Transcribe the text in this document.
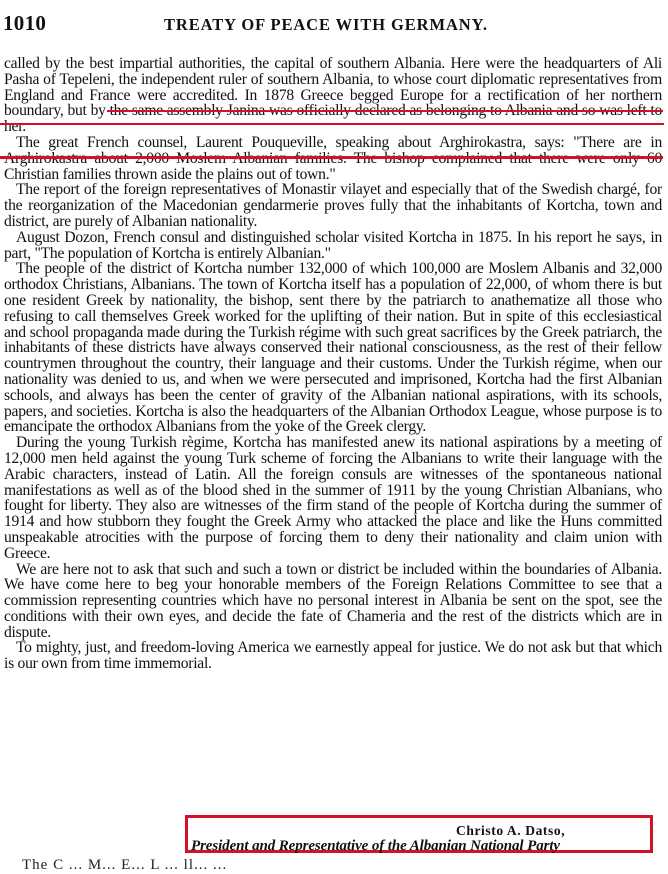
1010	TREATY OF PEACE WITH GERMANY.

called by the best impartial authorities, the capital of southern Albania. Here were the headquarters of Ali Pasha of Tepeleni, the independent ruler of southern Albania, to whose court diplomatic representatives from England and France were accredited. In 1878 Greece begged Europe for a rectification of her northern boundary, but by the same assembly Janina was officially declared as belonging to Albania and so was left to her.

The great French counsel, Laurent Pouqueville, speaking about Arghirokastra, says: "There are in Arghirokastra about 2,000 Moslem Albanian families. The bishop complained that there were only 60 Christian families thrown aside the plains out of town."

The report of the foreign representatives of Monastir vilayet and especially that of the Swedish chargé, for the reorganization of the Macedonian gendarmerie proves fully that the inhabitants of Kortcha, town and district, are purely of Albanian nationality.

August Dozon, French consul and distinguished scholar visited Kortcha in 1875. In his report he says, in part, "The population of Kortcha is entirely Albanian."

The people of the district of Kortcha number 132,000 of which 100,000 are Moslem Albanis and 32,000 orthodox Christians, Albanians. The town of Kortcha itself has a population of 22,000, of whom there is but one resident Greek by nationality, the bishop, sent there by the patriarch to anathematize all those who refusing to call themselves Greek worked for the uplifting of their nation. But in spite of this ecclesiastical and school propaganda made during the Turkish régime with such great sacrifices by the Greek patriarch, the inhabitants of these districts have always conserved their national consciousness, as the rest of their fellow countrymen throughout the country, their language and their customs. Under the Turkish régime, when our nationality was denied to us, and when we were persecuted and imprisoned, Kortcha had the first Albanian schools, and always has been the center of gravity of the Albanian national aspirations, with its schools, papers, and societies. Kortcha is also the headquarters of the Albanian Orthodox League, whose purpose is to emancipate the orthodox Albanians from the yoke of the Greek clergy.

During the young Turkish règime, Kortcha has manifested anew its national aspirations by a meeting of 12,000 men held against the young Turk scheme of forcing the Albanians to write their language with the Arabic characters, instead of Latin. All the foreign consuls are witnesses of the spontaneous national manifestations as well as of the blood shed in the summer of 1911 by the young Christian Albanians, who fought for liberty. They also are witnesses of the firm stand of the people of Kortcha during the summer of 1914 and how stubborn they fought the Greek Army who attacked the place and like the Huns committed unspeakable atrocities with the purpose of forcing them to deny their nationality and claim union with Greece.

We are here not to ask that such and such a town or district be included within the boundaries of Albania. We have come here to beg your honorable members of the Foreign Relations Committee to see that a commission representing countries which have no personal interest in Albania be sent on the spot, see the conditions with their own eyes, and decide the fate of Chameria and the rest of the districts which are in dispute.

To mighty, just, and freedom-loving America we earnestly appeal for justice. We do not ask but that which is our own from time immemorial.

Christo A. Datso,
President and Representative of the Albanian National Party
The C ... M... E... L ... ll... ...
